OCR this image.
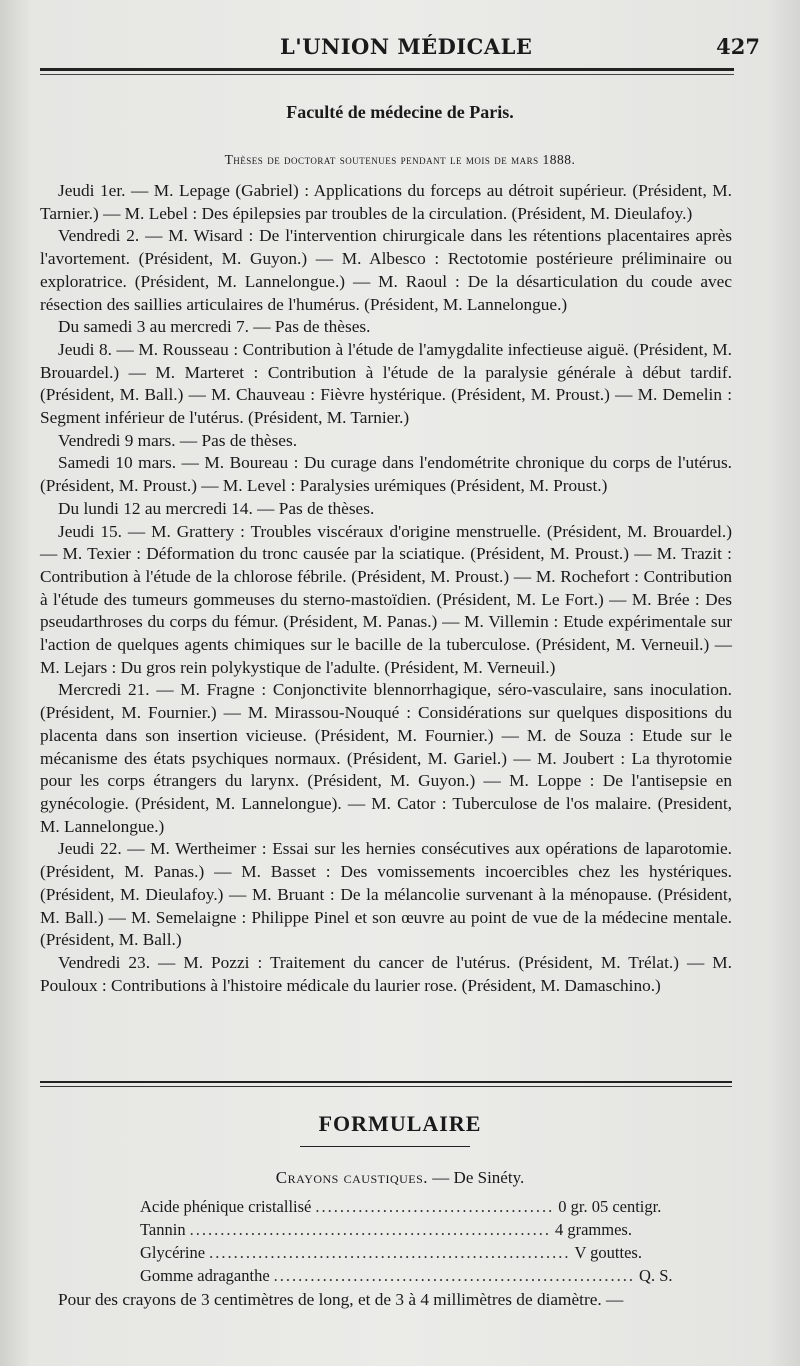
L'UNION MÉDICALE	427
Faculté de médecine de Paris.
Thèses de doctorat soutenues pendant le mois de mars 1888.

Jeudi 1er. — M. Lepage (Gabriel) : Applications du forceps au détroit supérieur. (Président, M. Tarnier.) — M. Lebel : Des épilepsies par troubles de la circulation. (Président, M. Dieulafoy.)

Vendredi 2. — M. Wisard : De l'intervention chirurgicale dans les rétentions placentaires après l'avortement. (Président, M. Guyon.) — M. Albesco : Rectotomie postérieure préliminaire ou exploratrice. (Président, M. Lannelongue.) — M. Raoul : De la désarticulation du coude avec résection des saillies articulaires de l'humérus. (Président, M. Lannelongue.)

Du samedi 3 au mercredi 7. — Pas de thèses.

Jeudi 8. — M. Rousseau : Contribution à l'étude de l'amygdalite infectieuse aiguë. (Président, M. Brouardel.) — M. Marteret : Contribution à l'étude de la paralysie générale à début tardif. (Président, M. Ball.) — M. Chauveau : Fièvre hystérique. (Président, M. Proust.) — M. Demelin : Segment inférieur de l'utérus. (Président, M. Tarnier.)

Vendredi 9 mars. — Pas de thèses.

Samedi 10 mars. — M. Boureau : Du curage dans l'endométrite chronique du corps de l'utérus. (Président, M. Proust.) — M. Level : Paralysies urémiques (Président, M. Proust.)

Du lundi 12 au mercredi 14. — Pas de thèses.

Jeudi 15. — M. Grattery : Troubles viscéraux d'origine menstruelle. (Président, M. Brouardel.) — M. Texier : Déformation du tronc causée par la sciatique. (Président, M. Proust.) — M. Trazit : Contribution à l'étude de la chlorose fébrile. (Président, M. Proust.) — M. Rochefort : Contribution à l'étude des tumeurs gommeuses du sterno-mastoïdien. (Président, M. Le Fort.) — M. Brée : Des pseudarthroses du corps du fémur. (Président, M. Panas.) — M. Villemin : Etude expérimentale sur l'action de quelques agents chimiques sur le bacille de la tuberculose. (Président, M. Verneuil.) — M. Lejars : Du gros rein polykystique de l'adulte. (Président, M. Verneuil.)

Mercredi 21. — M. Fragne : Conjonctivite blennorrhagique, séro-vasculaire, sans inoculation. (Président, M. Fournier.) — M. Mirassou-Nouqué : Considérations sur quelques dispositions du placenta dans son insertion vicieuse. (Président, M. Fournier.) — M. de Souza : Etude sur le mécanisme des états psychiques normaux. (Président, M. Gariel.) — M. Joubert : La thyrotomie pour les corps étrangers du larynx. (Président, M. Guyon.) — M. Loppe : De l'antisepsie en gynécologie. (Président, M. Lannelongue). — M. Cator : Tuberculose de l'os malaire. (President, M. Lannelongue.)

Jeudi 22. — M. Wertheimer : Essai sur les hernies consécutives aux opérations de laparotomie. (Président, M. Panas.) — M. Basset : Des vomissements incoercibles chez les hystériques. (Président, M. Dieulafoy.) — M. Bruant : De la mélancolie survenant à la ménopause. (Président, M. Ball.) — M. Semelaigne : Philippe Pinel et son œuvre au point de vue de la médecine mentale. (Président, M. Ball.)

Vendredi 23. — M. Pozzi : Traitement du cancer de l'utérus. (Président, M. Trélat.) — M. Pouloux : Contributions à l'histoire médicale du laurier rose. (Président, M. Damaschino.)

FORMULAIRE
Crayons caustiques. — De Sinéty.
Acide phénique cristallisé ....................................... 0 gr. 05 centigr.
Tannin ........................................................... 4 grammes.
Glycérine ........................................................... V gouttes.
Gomme adraganthe ........................................................... Q. S.
Pour des crayons de 3 centimètres de long, et de 3 à 4 millimètres de diamètre. —
